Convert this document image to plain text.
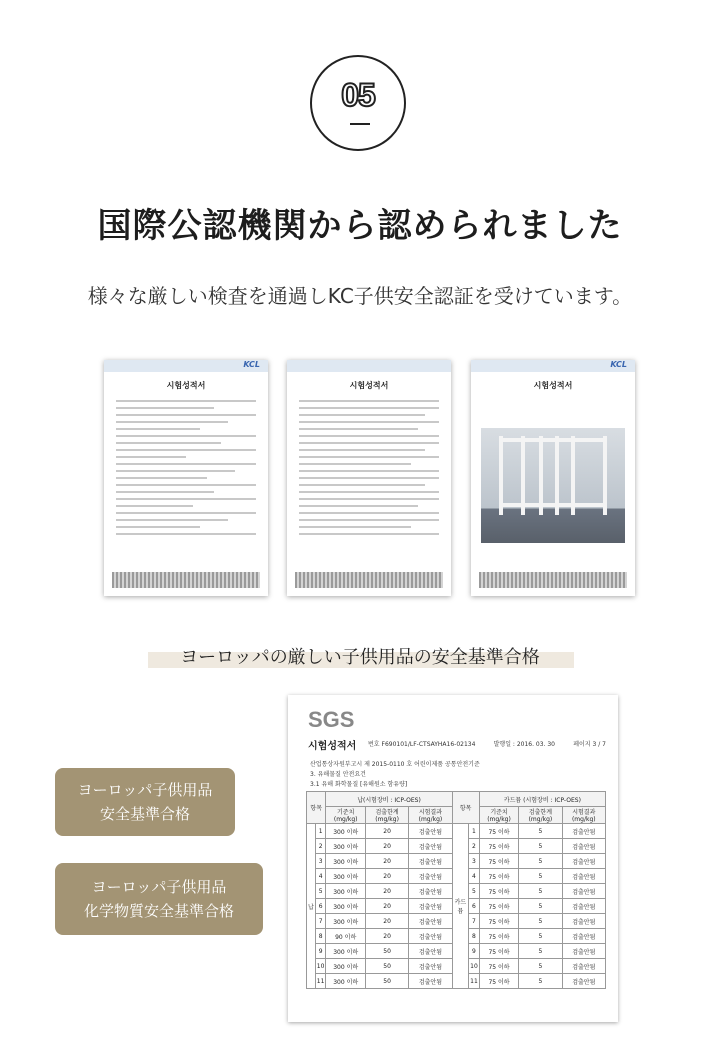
05
国際公認機関から認められました
様々な厳しい検査を通過しKC子供安全認証を受けています。
KCL
시험성적서	시험성적서
KCL
시험성적서
ヨーロッパの厳しい子供用品の安全基準合格
ヨーロッパ子供用品
安全基準合格
ヨーロッパ子供用品
化学物質安全基準合格
SGS
시험성적서 번호 F690101/LF-CTSAYHA16-02134	발행일 : 2016. 03. 30	페이지 3 / 7
산업통상자원부고시 제 2015-0110 호 어린이제품 공통안전기준
3. 유해물질 안전요건
3.1 유해 화학물질 [유해원소 함유량]
항목		납(시험장비 : ICP-OES)			항목		카드뮴 (시험장비 : ICP-OES)		
		기준치 (mg/kg)	검출한계 (mg/kg)	시험결과 (mg/kg)			기준치 (mg/kg)	검출한계 (mg/kg)	시험결과 (mg/kg)
납	1	300 이하	20	검출안됨	카드뮴	1	75 이하	5	검출안됨
	2	300 이하	20	검출안됨		2	75 이하	5	검출안됨
	3	300 이하	20	검출안됨		3	75 이하	5	검출안됨
	4	300 이하	20	검출안됨		4	75 이하	5	검출안됨
	5	300 이하	20	검출안됨		5	75 이하	5	검출안됨
	6	300 이하	20	검출안됨		6	75 이하	5	검출안됨
	7	300 이하	20	검출안됨		7	75 이하	5	검출안됨
	8	90 이하	20	검출안됨		8	75 이하	5	검출안됨
	9	300 이하	50	검출안됨		9	75 이하	5	검출안됨
	10	300 이하	50	검출안됨		10	75 이하	5	검출안됨
	11	300 이하	50	검출안됨		11	75 이하	5	검출안됨
